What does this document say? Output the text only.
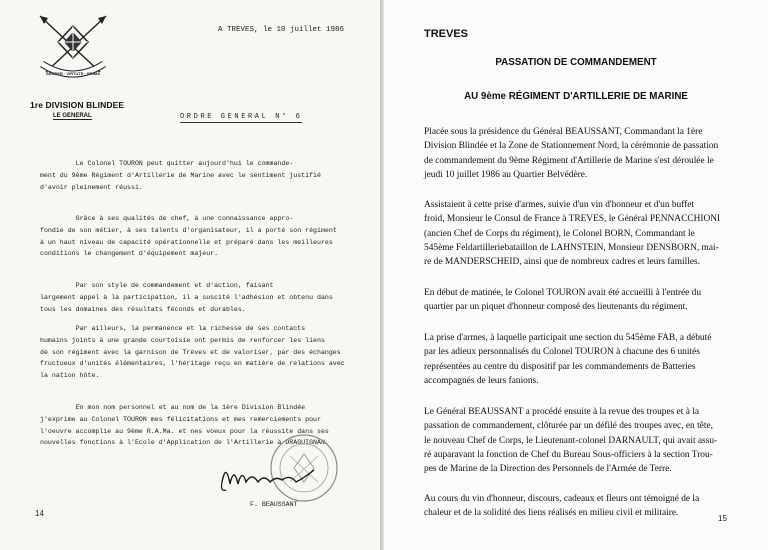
SEMPER · VIRTUTE · PRIMA
1re DIVISION BLINDEE
LE GENERAL
A TREVES, le 10 juillet 1986
ORDRE GENERAL N° 6
Le Colonel TOURON peut quitter aujourd'hui le commande-
ment du 9ème Régiment d'Artillerie de Marine avec le sentiment justifié
d'avoir pleinement réussi.
Grâce à ses qualités de chef, à une connaissance appro-
fondie de son métier, à ses talents d'organisateur, il a porté son régiment
à un haut niveau de capacité opérationnelle et préparé dans les meilleures
conditions le changement d'équipement majeur.
Par son style de commandement et d'action, faisant
largement appel à la participation, il a suscité l'adhésion et obtenu dans
tous les domaines des résultats féconds et durables.
Par ailleurs, la permanence et la richesse de ses contacts
humains joints à une grande courtoisie ont permis de renforcer les liens
de son régiment avec la garnison de Trèves et de valoriser, par des échanges
fructueux d'unités élémentaires, l'héritage reçu en matière de relations avec
la nation hôte.
En mon nom personnel et au nom de la 1ère Division Blindée
j'exprime au Colonel TOURON mes félicitations et mes remerciements pour
l'oeuvre accomplie au 9ème R.A.Ma. et nes voeux pour la réussite dans ses
nouvelles fonctions à l'Ecole d'Application de l'Artillerie à DRAGUIGNAN.
F. BEAUSSANT
14
TREVES
PASSATION DE COMMANDEMENT
AU 9ème RÉGIMENT D'ARTILLERIE DE MARINE
Placée sous la présidence du Général BEAUSSANT, Commandant la 1ère
Division Blindée et la Zone de Stationnement Nord, la cérémonie de passation
de commandement du 9ème Régiment d'Artillerie de Marine s'est déroulée le
jeudi 10 juillet 1986 au Quartier Belvédère.
Assistaient à cette prise d'armes, suivie d'un vin d'honneur et d'un buffet
froid, Monsieur le Consul de France à TREVES, le Général PENNACCHIONI
(ancien Chef de Corps du régiment), le Colonel BORN, Commandant le
545ème Feldartilleriebataillon de LAHNSTEIN, Monsieur DENSBORN, mai-
re de MANDERSCHEID, ainsi que de nombreux cadres et leurs familles.
En début de matinée, le Colonel TOURON avait été accueilli à l'entrée du
quartier par un piquet d'honneur composé des lieutenants du régiment.
La prise d'armes, à laquelle participait une section du 545ème FAB, a débuté
par les adieux personnalisés du Colonel TOURON à chacune des 6 unités
représentées au centre du dispositif par les commandements de Batteries
accompagnés de leurs fanions.
Le Général BEAUSSANT a procédé ensuite à la revue des troupes et à la
passation de commandement, clôturée par un défilé des troupes avec, en tête,
le nouveau Chef de Corps, le Lieutenant-colonel DARNAULT, qui avait assu-
ré auparavant la fonction de Chef du Bureau Sous-officiers à la section Trou-
pes de Marine de la Direction des Personnels de l'Armée de Terre.
Au cours du vin d'honneur, discours, cadeaux et fleurs ont témoigné de la
chaleur et de la solidité des liens réalisés en milieu civil et militaire.
15
